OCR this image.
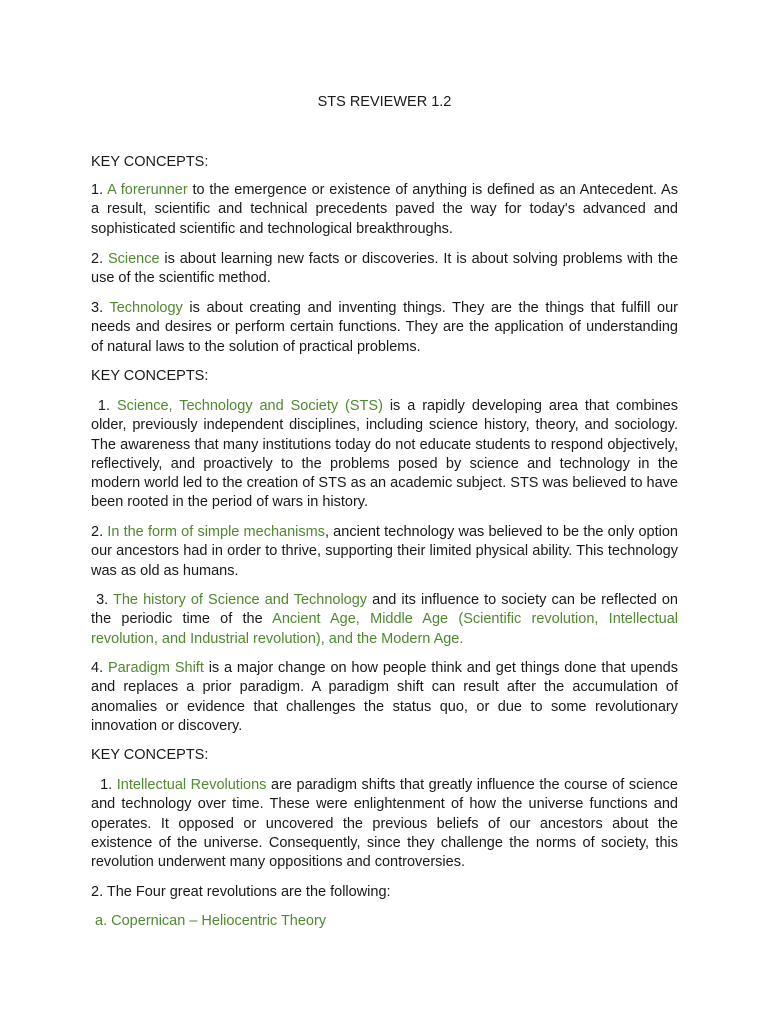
STS REVIEWER 1.2
KEY CONCEPTS:

1. A forerunner to the emergence or existence of anything is defined as an Antecedent. As a result, scientific and technical precedents paved the way for today's advanced and sophisticated scientific and technological breakthroughs.

2. Science is about learning new facts or discoveries. It is about solving problems with the use of the scientific method.

3. Technology is about creating and inventing things. They are the things that fulfill our needs and desires or perform certain functions. They are the application of understanding of natural laws to the solution of practical problems.

KEY CONCEPTS:

1. Science, Technology and Society (STS) is a rapidly developing area that combines older, previously independent disciplines, including science history, theory, and sociology. The awareness that many institutions today do not educate students to respond objectively, reflectively, and proactively to the problems posed by science and technology in the modern world led to the creation of STS as an academic subject. STS was believed to have been rooted in the period of wars in history.

2. In the form of simple mechanisms, ancient technology was believed to be the only option our ancestors had in order to thrive, supporting their limited physical ability. This technology was as old as humans.

3. The history of Science and Technology and its influence to society can be reflected on the periodic time of the Ancient Age, Middle Age (Scientific revolution, Intellectual revolution, and Industrial revolution), and the Modern Age.

4. Paradigm Shift is a major change on how people think and get things done that upends and replaces a prior paradigm. A paradigm shift can result after the accumulation of anomalies or evidence that challenges the status quo, or due to some revolutionary innovation or discovery.

KEY CONCEPTS:

1. Intellectual Revolutions are paradigm shifts that greatly influence the course of science and technology over time. These were enlightenment of how the universe functions and operates. It opposed or uncovered the previous beliefs of our ancestors about the existence of the universe. Consequently, since they challenge the norms of society, this revolution underwent many oppositions and controversies.

2. The Four great revolutions are the following:

a. Copernican – Heliocentric Theory
